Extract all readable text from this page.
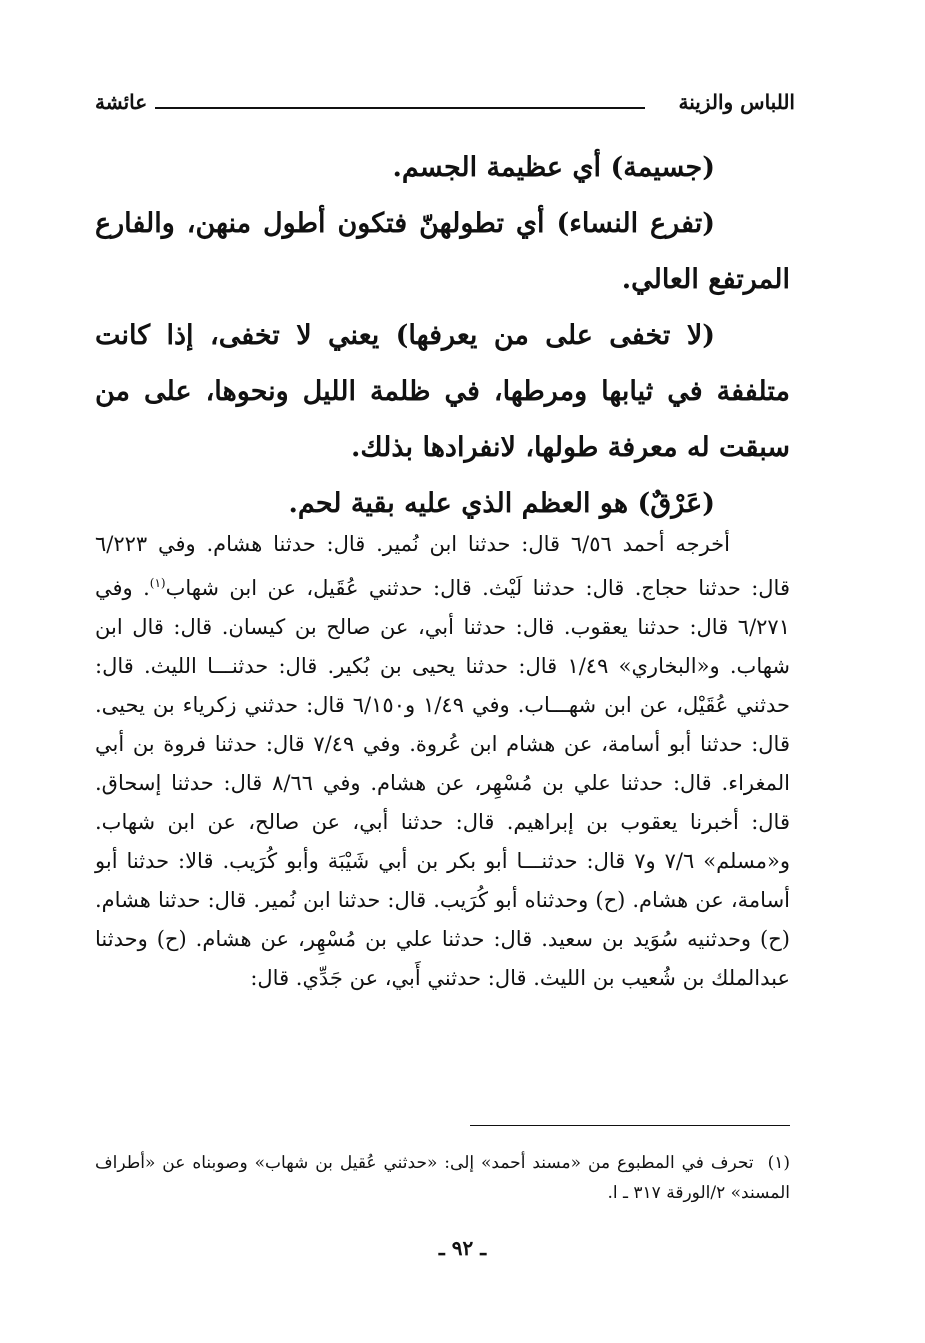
اللباس والزينة
عائشة

(جسيمة) أي عظيمة الجسم.

(تفرع النساء) أي تطولهنّ فتكون أطول منهن، والفارع المرتفع العالي.

(لا تخفى على من يعرفها) يعني لا تخفى، إذا كانت متلففة في ثيابها ومرطها، في ظلمة الليل ونحوها، على من سبقت له معرفة طولها، لانفرادها بذلك.

(عَرْقٌ) هو العظم الذي عليه بقية لحم.

أخرجه أحمد ٦/٥٦ قال: حدثنا ابن نُمير. قال: حدثنا هشام. وفي ٦/٢٢٣ قال: حدثنا حجاج. قال: حدثنا لَيْث. قال: حدثني عُقَيل، عن ابن شهاب$^{(١)}$. وفي ٦/٢٧١ قال: حدثنا يعقوب. قال: حدثنا أبي، عن صالح بن كيسان. قال: قال ابن شهاب. و«البخاري» ١/٤٩ قال: حدثنا يحيى بن بُكير. قال: حدثنـــا الليث. قال: حدثني عُقَيْل، عن ابن شهـــاب. وفي ١/٤٩ و٦/١٥٠ قال: حدثني زكرياء بن يحيى. قال: حدثنا أبو أسامة، عن هشام ابن عُروة. وفي ٧/٤٩ قال: حدثنا فروة بن أبي المغراء. قال: حدثنا علي بن مُسْهِر، عن هشام. وفي ٨/٦٦ قال: حدثنا إسحاق. قال: أخبرنا يعقوب بن إبراهيم. قال: حدثنا أبي، عن صالح، عن ابن شهاب. و«مسلم» ٧/٦ و٧ قال: حدثنـــا أبو بكر بن أبي شَيْبَة وأبو كُرَيب. قالا: حدثنا أبو أسامة، عن هشام. (ح) وحدثناه أبو كُرَيب. قال: حدثنا ابن نُمير. قال: حدثنا هشام. (ح) وحدثنيه سُوَيد بن سعيد. قال: حدثنا علي بن مُسْهِر، عن هشام. (ح) وحدثنا عبدالملك بن شُعيب بن الليث. قال: حدثني أَبي، عن جَدِّي. قال:

(١)تحرف في المطبوع من «مسند أحمد» إلى: «حدثني عُقيل بن شهاب» وصوبناه عن «أطراف المسند» ٢/الورقة ٣١٧ ـ ا.

ـ ٩٢ ـ
